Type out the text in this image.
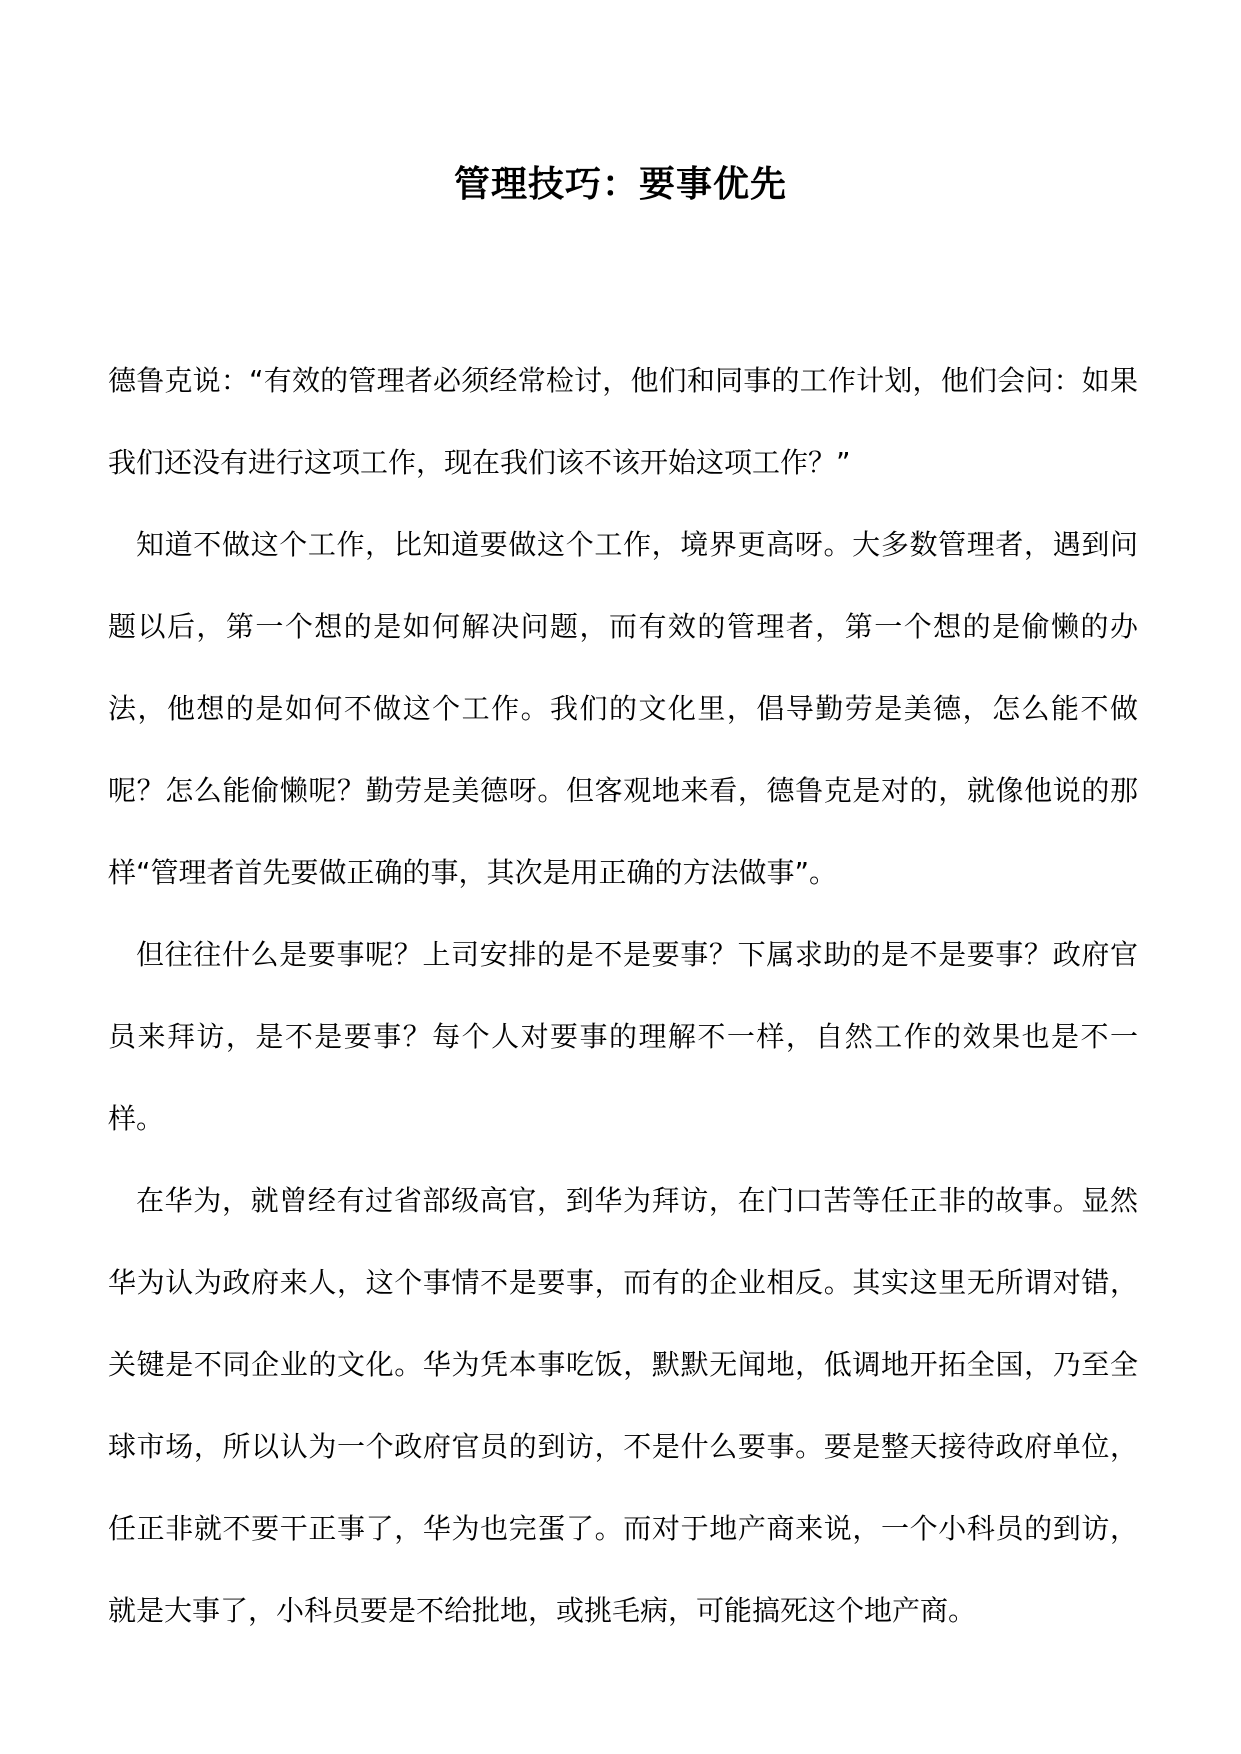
管理技巧：要事优先

德鲁克说：“有效的管理者必须经常检讨，他们和同事的工作计划，他们会问：如果我们还没有进行这项工作，现在我们该不该开始这项工作？”

知道不做这个工作，比知道要做这个工作，境界更高呀。大多数管理者，遇到问题以后，第一个想的是如何解决问题，而有效的管理者，第一个想的是偷懒的办法，他想的是如何不做这个工作。我们的文化里，倡导勤劳是美德，怎么能不做呢？怎么能偷懒呢？勤劳是美德呀。但客观地来看，德鲁克是对的，就像他说的那样“管理者首先要做正确的事，其次是用正确的方法做事”。

但往往什么是要事呢？上司安排的是不是要事？下属求助的是不是要事？政府官员来拜访，是不是要事？每个人对要事的理解不一样，自然工作的效果也是不一样。

在华为，就曾经有过省部级高官，到华为拜访，在门口苦等任正非的故事。显然华为认为政府来人，这个事情不是要事，而有的企业相反。其实这里无所谓对错，关键是不同企业的文化。华为凭本事吃饭，默默无闻地，低调地开拓全国，乃至全球市场，所以认为一个政府官员的到访，不是什么要事。要是整天接待政府单位，任正非就不要干正事了，华为也完蛋了。而对于地产商来说，一个小科员的到访，就是大事了，小科员要是不给批地，或挑毛病，可能搞死这个地产商。
